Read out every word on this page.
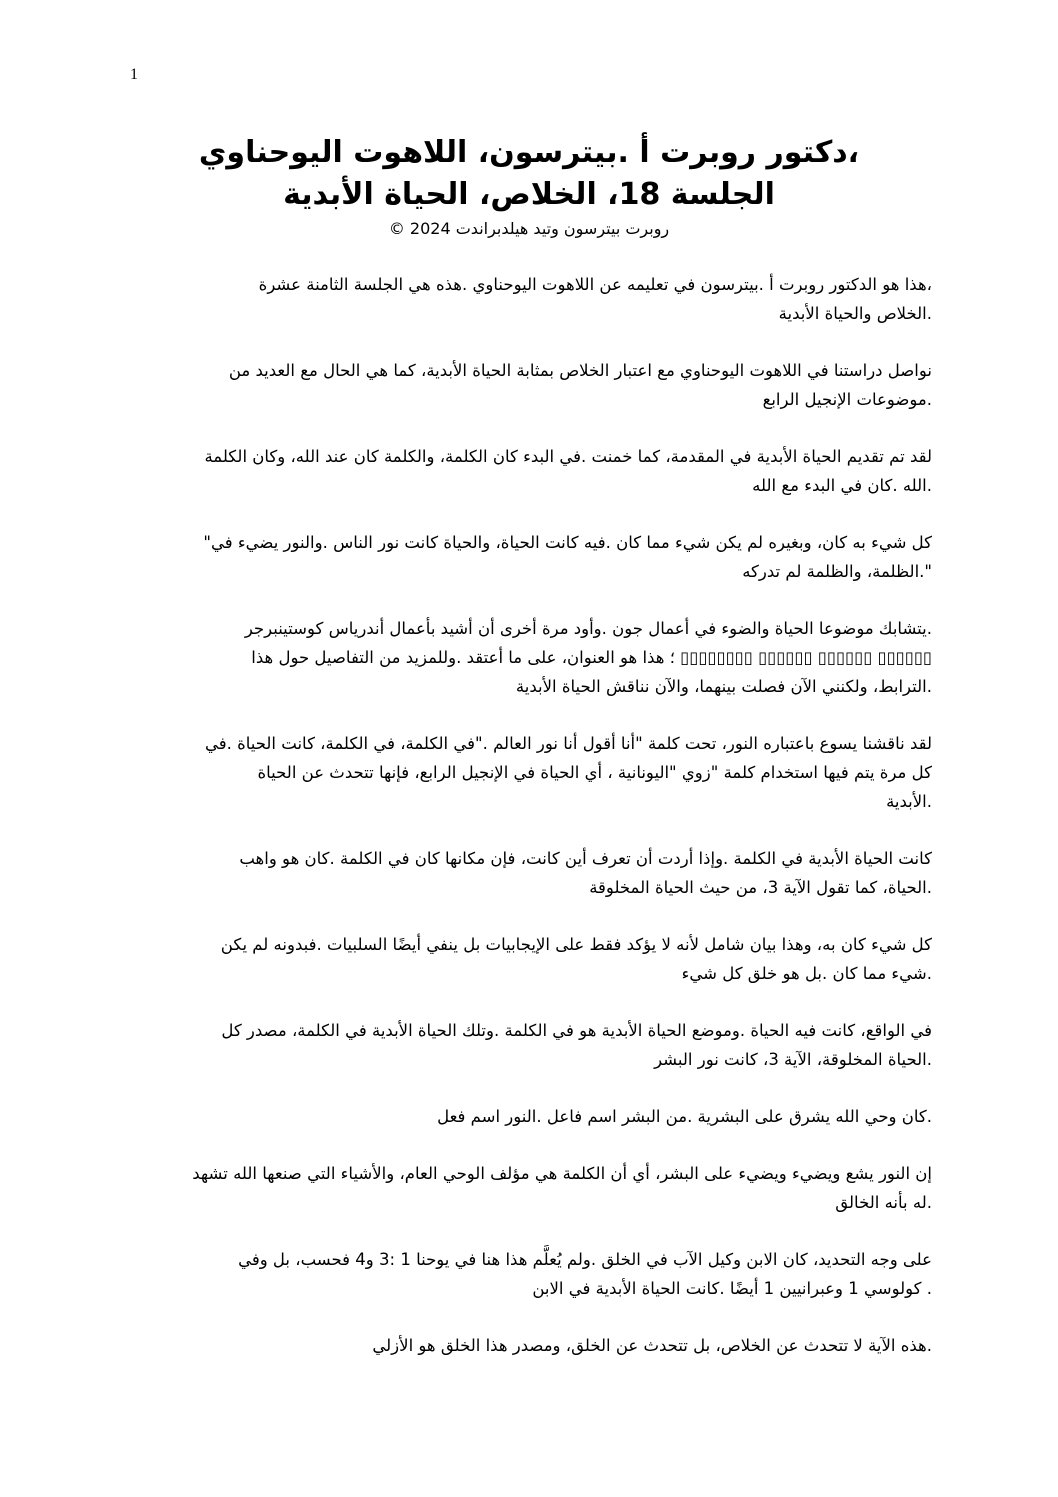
1
،دكتور روبرت أ .بيترسون، اللاهوت اليوحناوي
الجلسة 18، الخلاص، الحياة الأبدية
روبرت بيترسون وتيد هيلدبراندت 2024 ©
،هذا هو الدكتور روبرت أ .بيترسون في تعليمه عن اللاهوت اليوحناوي .هذه هي الجلسة الثامنة عشرة
.الخلاص والحياة الأبدية
نواصل دراستنا في اللاهوت اليوحناوي مع اعتبار الخلاص بمثابة الحياة الأبدية، كما هي الحال مع العديد من
.موضوعات الإنجيل الرابع
لقد تم تقديم الحياة الأبدية في المقدمة، كما خمنت .في البدء كان الكلمة، والكلمة كان عند الله، وكان الكلمة
.الله .كان في البدء مع الله
كل شيء به كان، وبغيره لم يكن شيء مما كان .فيه كانت الحياة، والحياة كانت نور الناس .والنور يضيء في"
".الظلمة، والظلمة لم تدركه
.يتشابك موضوعا الحياة والضوء في أعمال جون .وأود مرة أخرى أن أشيد بأعمال أندرياس كوستينبرجر
▯▯▯▯▯▯ ▯▯▯▯▯▯ ▯▯▯▯▯▯ ▯▯▯▯▯▯▯▯ ؛ هذا هو العنوان، على ما أعتقد .وللمزيد من التفاصيل حول هذا
.الترابط، ولكنني الآن فصلت بينهما، والآن نناقش الحياة الأبدية
لقد ناقشنا يسوع باعتباره النور، تحت كلمة "أنا أقول أنا نور العالم ."في الكلمة، في الكلمة، كانت الحياة .في
كل مرة يتم فيها استخدام كلمة "زوي "اليونانية ، أي الحياة في الإنجيل الرابع، فإنها تتحدث عن الحياة
.الأبدية
كانت الحياة الأبدية في الكلمة .وإذا أردت أن تعرف أين كانت، فإن مكانها كان في الكلمة .كان هو واهب
.الحياة، كما تقول الآية 3، من حيث الحياة المخلوقة
كل شيء كان به، وهذا بيان شامل لأنه لا يؤكد فقط على الإيجابيات بل ينفي أيضًا السلبيات .فبدونه لم يكن
.شيء مما كان .بل هو خلق كل شيء
في الواقع، كانت فيه الحياة .وموضع الحياة الأبدية هو في الكلمة .وتلك الحياة الأبدية في الكلمة، مصدر كل
.الحياة المخلوقة، الآية 3، كانت نور البشر
.كان وحي الله يشرق على البشرية .من البشر اسم فاعل .النور اسم فعل
إن النور يشع ويضيء ويضيء على البشر، أي أن الكلمة هي مؤلف الوحي العام، والأشياء التي صنعها الله تشهد
.له بأنه الخالق
على وجه التحديد، كان الابن وكيل الآب في الخلق .ولم يُعلَّم هذا هنا في يوحنا 1 :3 و4 فحسب، بل وفي
. كولوسي 1 وعبرانيين 1 أيضًا .كانت الحياة الأبدية في الابن
.هذه الآية لا تتحدث عن الخلاص، بل تتحدث عن الخلق، ومصدر هذا الخلق هو الأزلي
